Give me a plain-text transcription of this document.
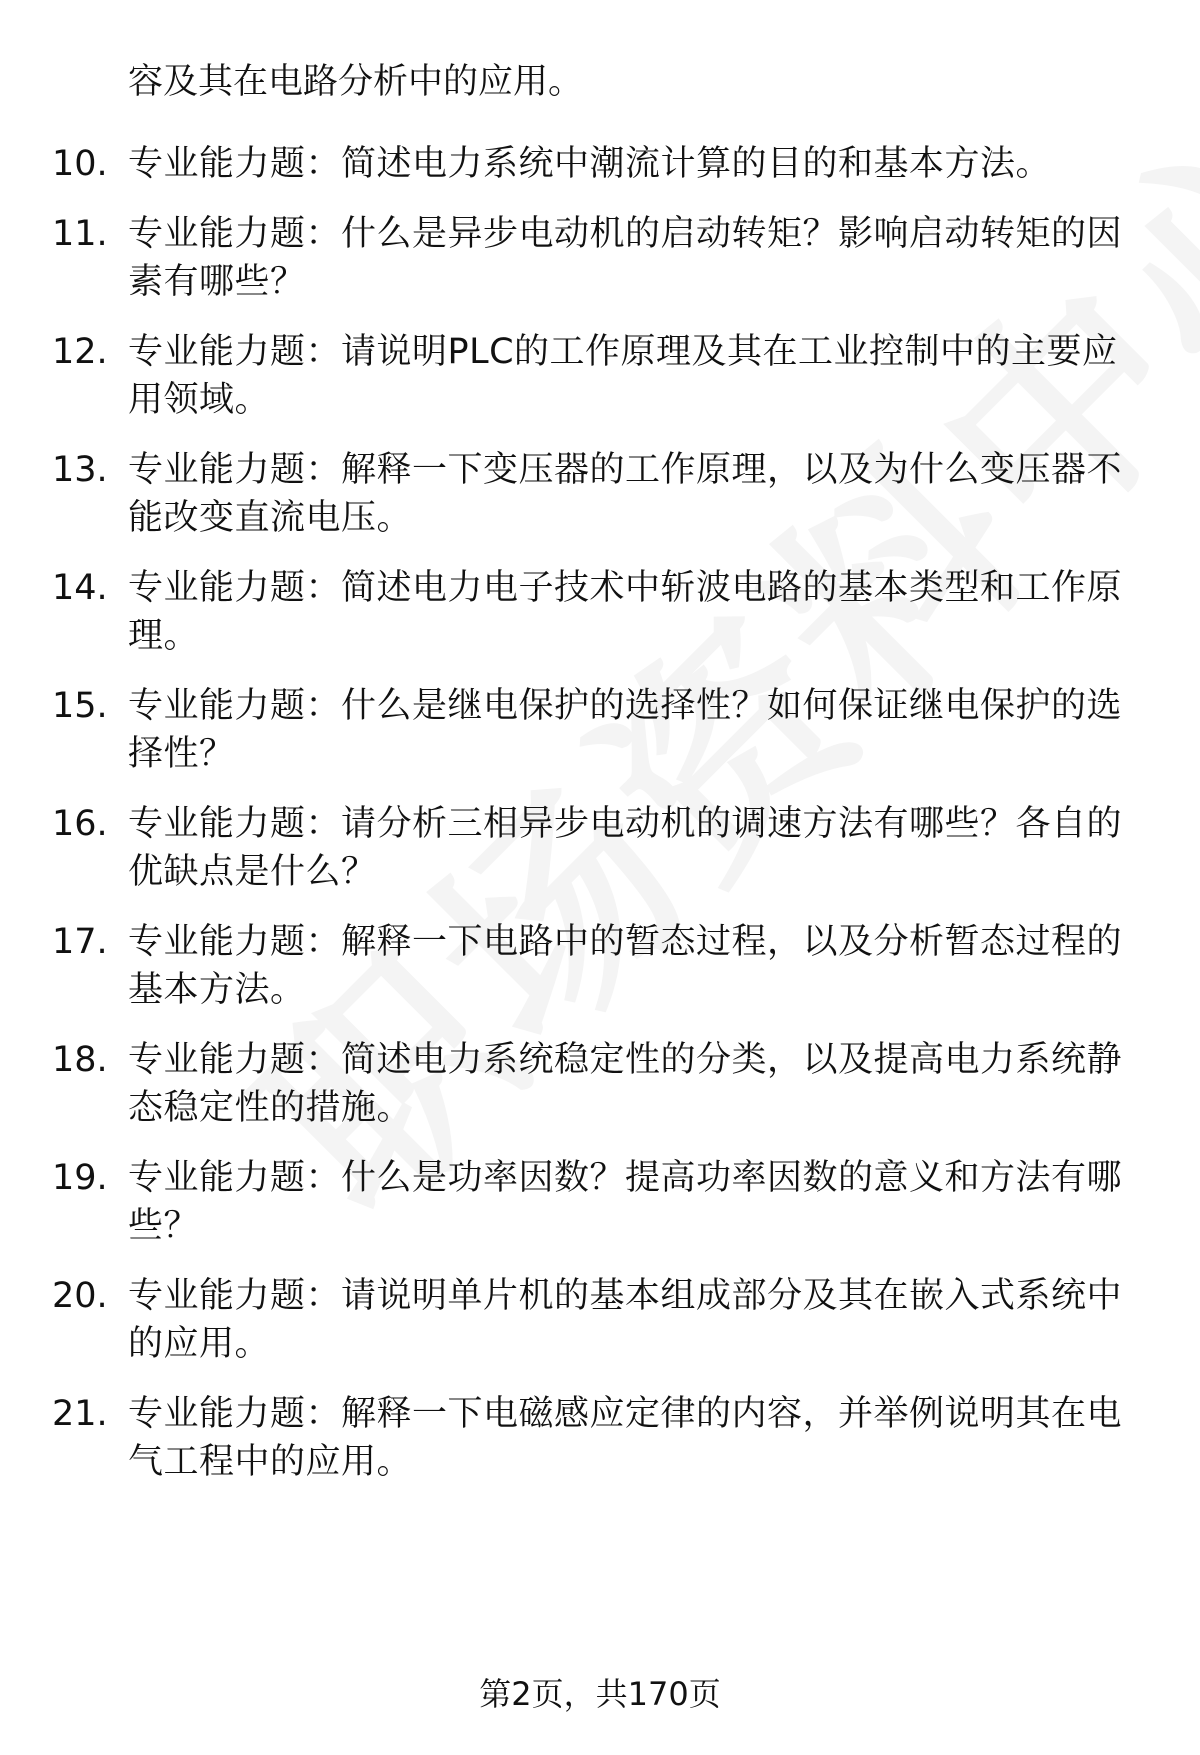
容及其在电路分析中的应用。
10. 专业能力题：简述电力系统中潮流计算的目的和基本方法。
11. 专业能力题：什么是异步电动机的启动转矩？影响启动转矩的因素有哪些？
12. 专业能力题：请说明PLC的工作原理及其在工业控制中的主要应用领域。
13. 专业能力题：解释一下变压器的工作原理，以及为什么变压器不能改变直流电压。
14. 专业能力题：简述电力电子技术中斩波电路的基本类型和工作原理。
15. 专业能力题：什么是继电保护的选择性？如何保证继电保护的选择性？
16. 专业能力题：请分析三相异步电动机的调速方法有哪些？各自的优缺点是什么？
17. 专业能力题：解释一下电路中的暂态过程，以及分析暂态过程的基本方法。
18. 专业能力题：简述电力系统稳定性的分类，以及提高电力系统静态稳定性的措施。
19. 专业能力题：什么是功率因数？提高功率因数的意义和方法有哪些？
20. 专业能力题：请说明单片机的基本组成部分及其在嵌入式系统中的应用。
21. 专业能力题：解释一下电磁感应定律的内容，并举例说明其在电气工程中的应用。
第2页，共170页
